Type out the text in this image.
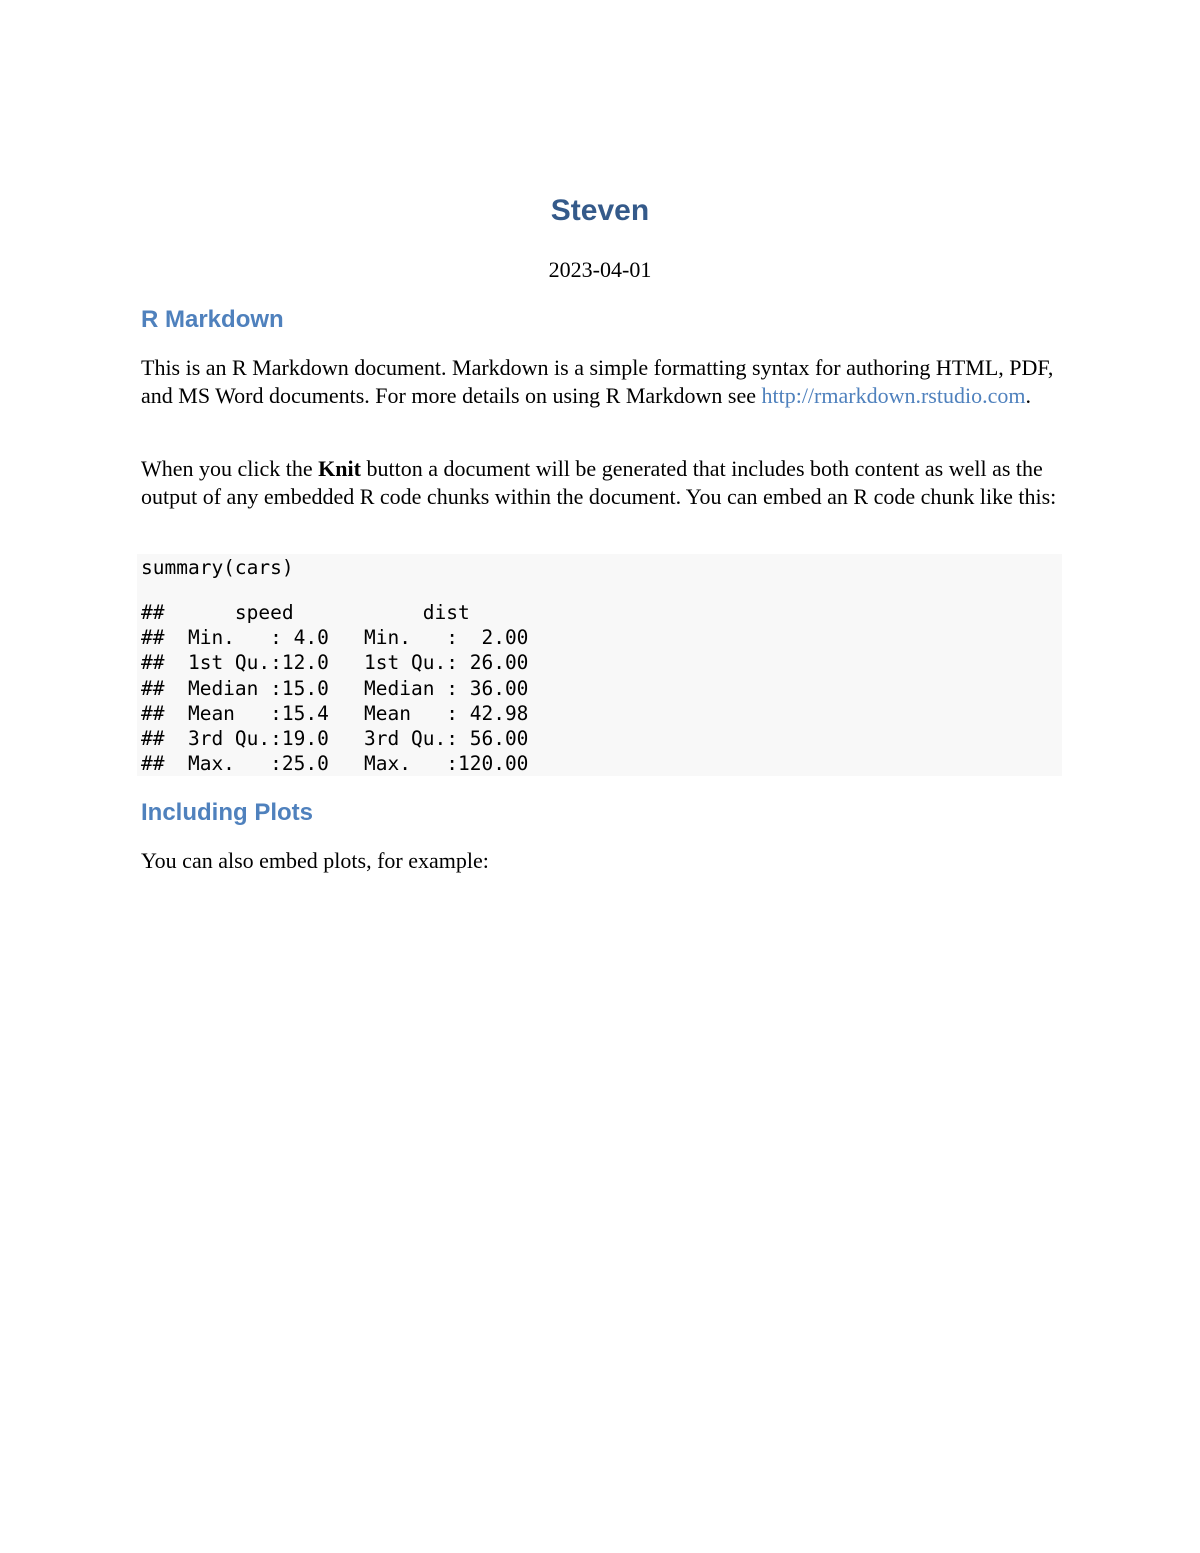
Steven
2023-04-01
R Markdown

This is an R Markdown document. Markdown is a simple formatting syntax for authoring HTML, PDF, and MS Word documents. For more details on using R Markdown see http://rmarkdown.rstudio.com.

When you click the Knit button a document will be generated that includes both content as well as the output of any embedded R code chunks within the document. You can embed an R code chunk like this:

summary(cars)
##      speed           dist
##  Min.   : 4.0   Min.   :  2.00
##  1st Qu.:12.0   1st Qu.: 26.00
##  Median :15.0   Median : 36.00
##  Mean   :15.4   Mean   : 42.98
##  3rd Qu.:19.0   3rd Qu.: 56.00
##  Max.   :25.0   Max.   :120.00
Including Plots

You can also embed plots, for example:
